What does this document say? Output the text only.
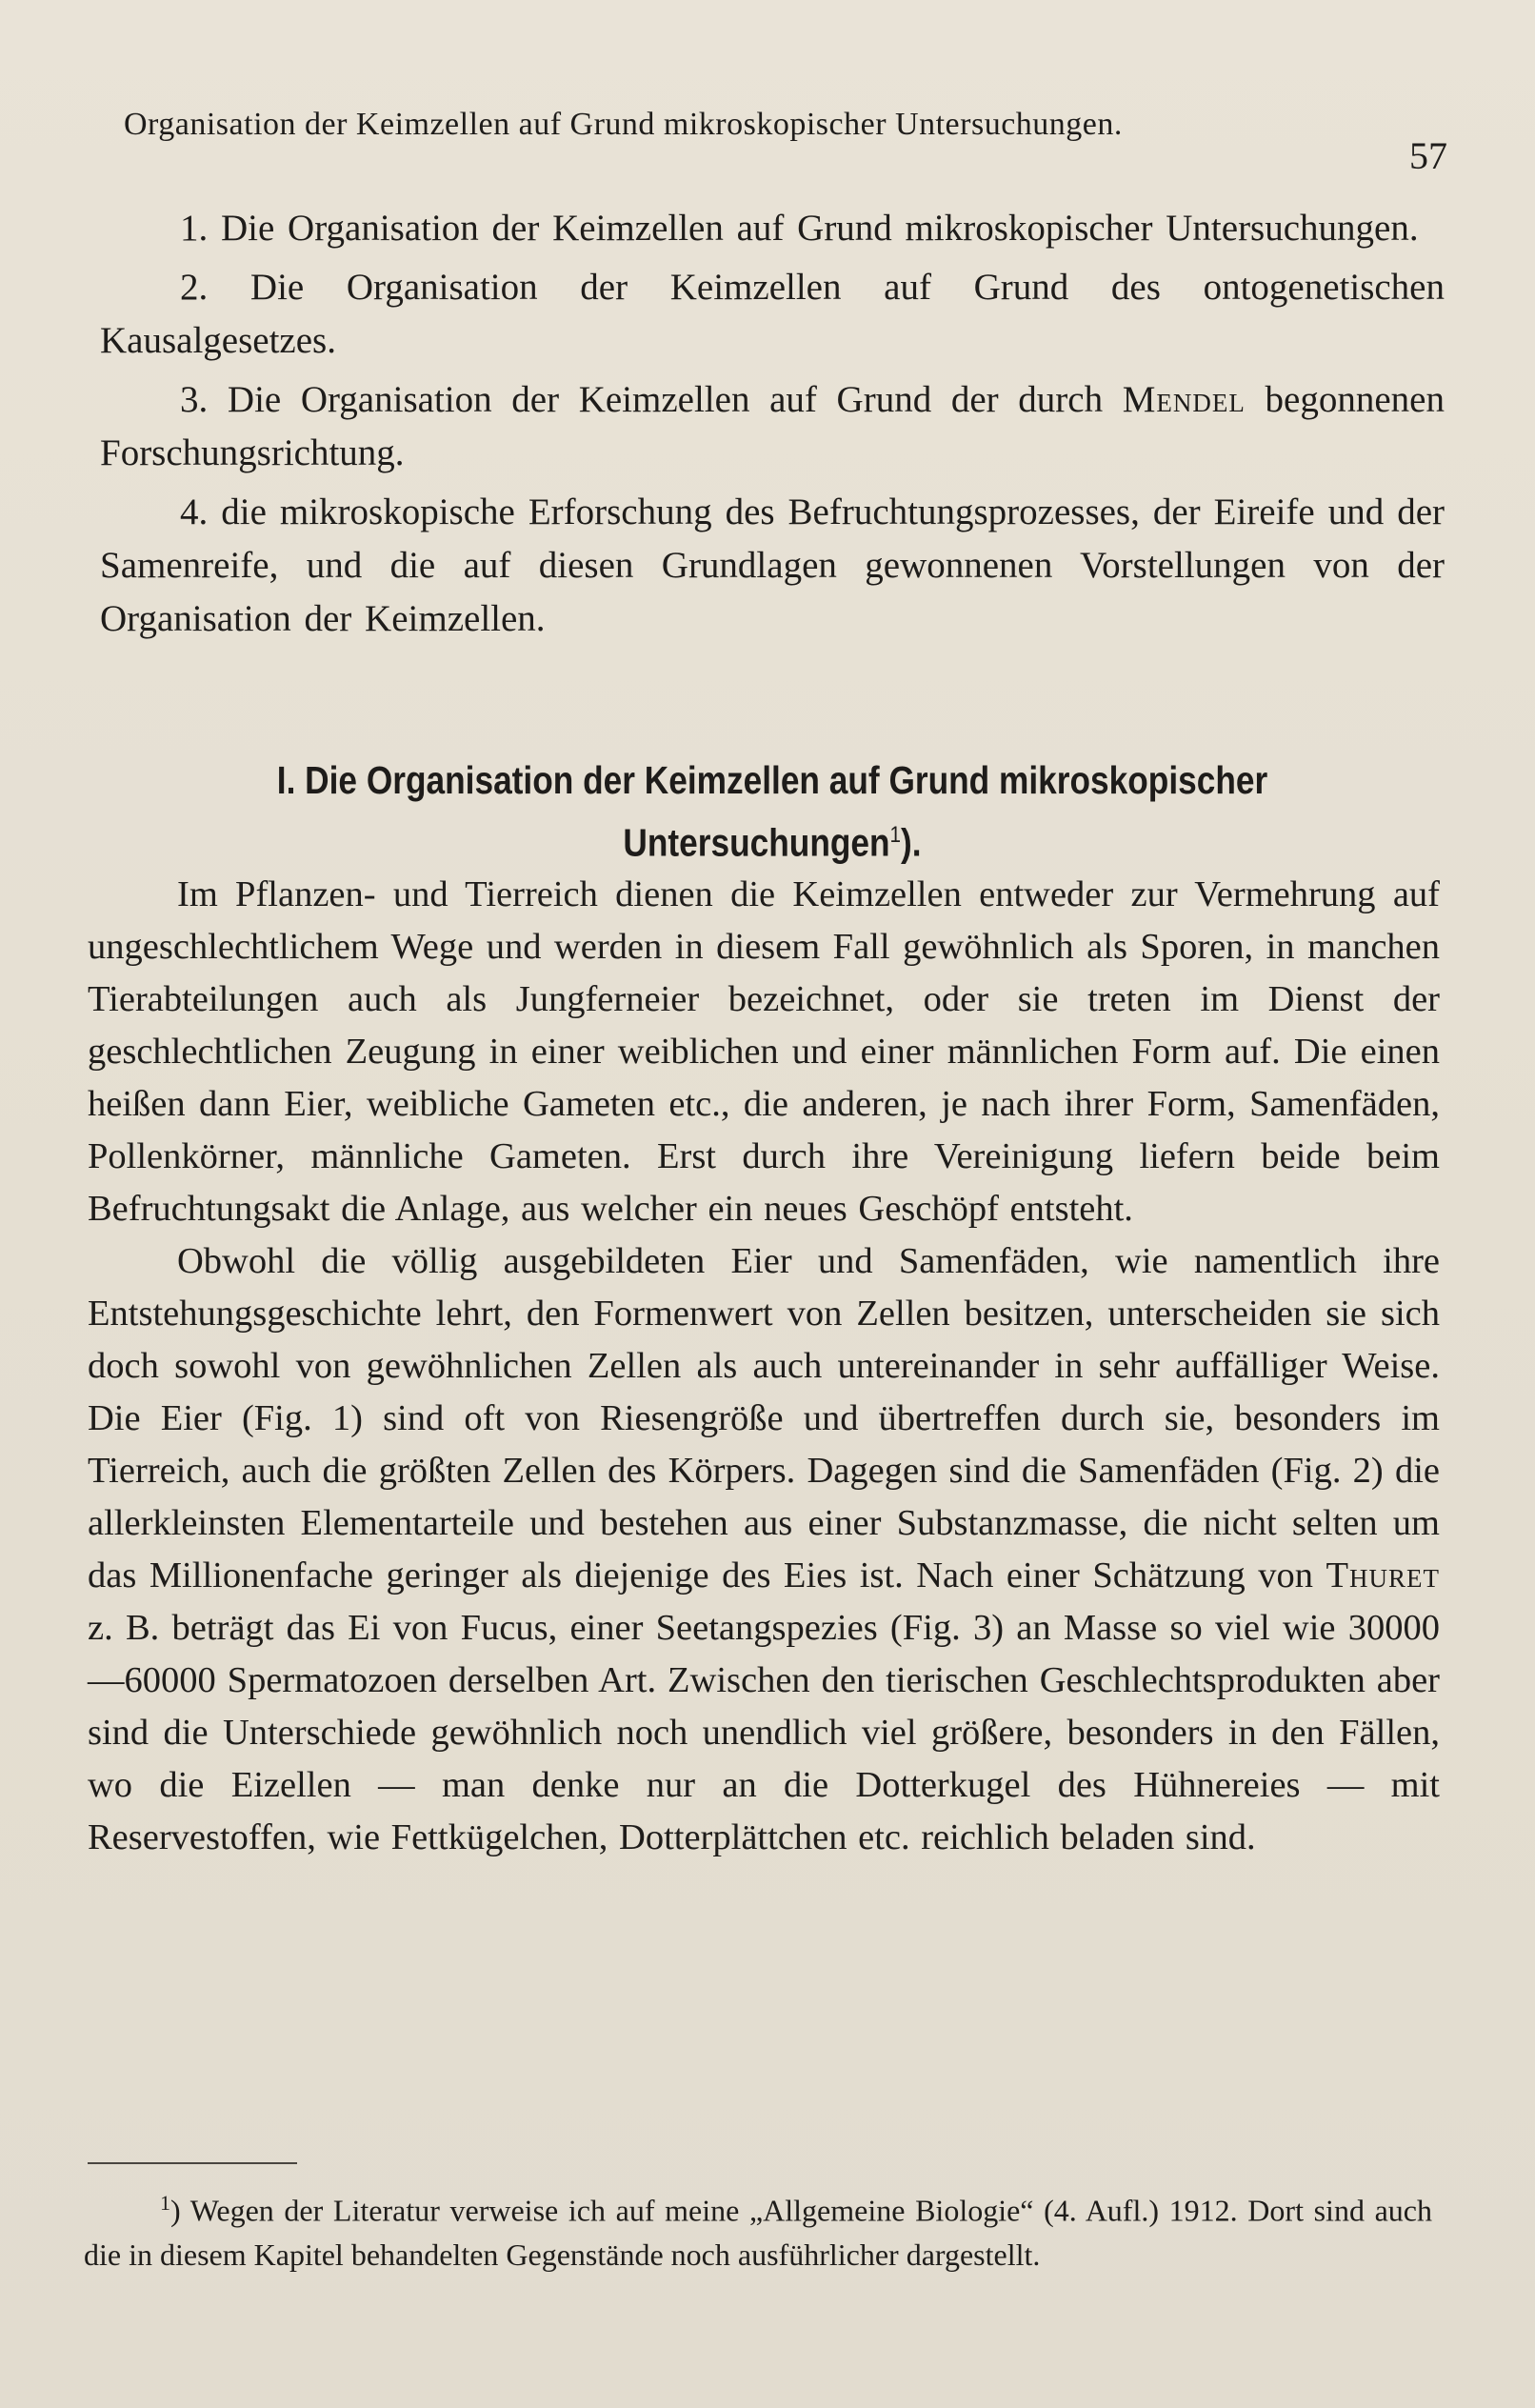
Organisation der Keimzellen auf Grund mikroskopischer Untersuchungen.
57

1. Die Organisation der Keimzellen auf Grund mikroskopischer Untersuchungen.

2. Die Organisation der Keimzellen auf Grund des ontogenetischen Kausalgesetzes.

3. Die Organisation der Keimzellen auf Grund der durch Mendel begonnenen Forschungsrichtung.

4. die mikroskopische Erforschung des Befruchtungsprozesses, der Eireife und der Samenreife, und die auf diesen Grundlagen gewonnenen Vorstellungen von der Organisation der Keimzellen.

I. Die Organisation der Keimzellen auf Grund mikroskopischer Untersuchungen$^1$).

Im Pflanzen- und Tierreich dienen die Keimzellen entweder zur Vermehrung auf ungeschlechtlichem Wege und werden in diesem Fall gewöhnlich als Sporen, in manchen Tierabteilungen auch als Jungferneier bezeichnet, oder sie treten im Dienst der geschlechtlichen Zeugung in einer weiblichen und einer männlichen Form auf. Die einen heißen dann Eier, weibliche Gameten etc., die anderen, je nach ihrer Form, Samenfäden, Pollenkörner, männliche Gameten. Erst durch ihre Vereinigung liefern beide beim Befruchtungsakt die Anlage, aus welcher ein neues Geschöpf entsteht.

Obwohl die völlig ausgebildeten Eier und Samenfäden, wie namentlich ihre Entstehungsgeschichte lehrt, den Formenwert von Zellen besitzen, unterscheiden sie sich doch sowohl von gewöhnlichen Zellen als auch untereinander in sehr auffälliger Weise. Die Eier (Fig. 1) sind oft von Riesengröße und übertreffen durch sie, besonders im Tierreich, auch die größten Zellen des Körpers. Dagegen sind die Samenfäden (Fig. 2) die allerkleinsten Elementarteile und bestehen aus einer Substanzmasse, die nicht selten um das Millionenfache geringer als diejenige des Eies ist. Nach einer Schätzung von Thuret z. B. beträgt das Ei von Fucus, einer Seetangspezies (Fig. 3) an Masse so viel wie 30000—60000 Spermatozoen derselben Art. Zwischen den tierischen Geschlechtsprodukten aber sind die Unterschiede gewöhnlich noch unendlich viel größere, besonders in den Fällen, wo die Eizellen — man denke nur an die Dotterkugel des Hühnereies — mit Reservestoffen, wie Fettkügelchen, Dotterplättchen etc. reichlich beladen sind.

$^1$) Wegen der Literatur verweise ich auf meine „Allgemeine Biologie“ (4. Aufl.) 1912. Dort sind auch die in diesem Kapitel behandelten Gegenstände noch ausführlicher dargestellt.
